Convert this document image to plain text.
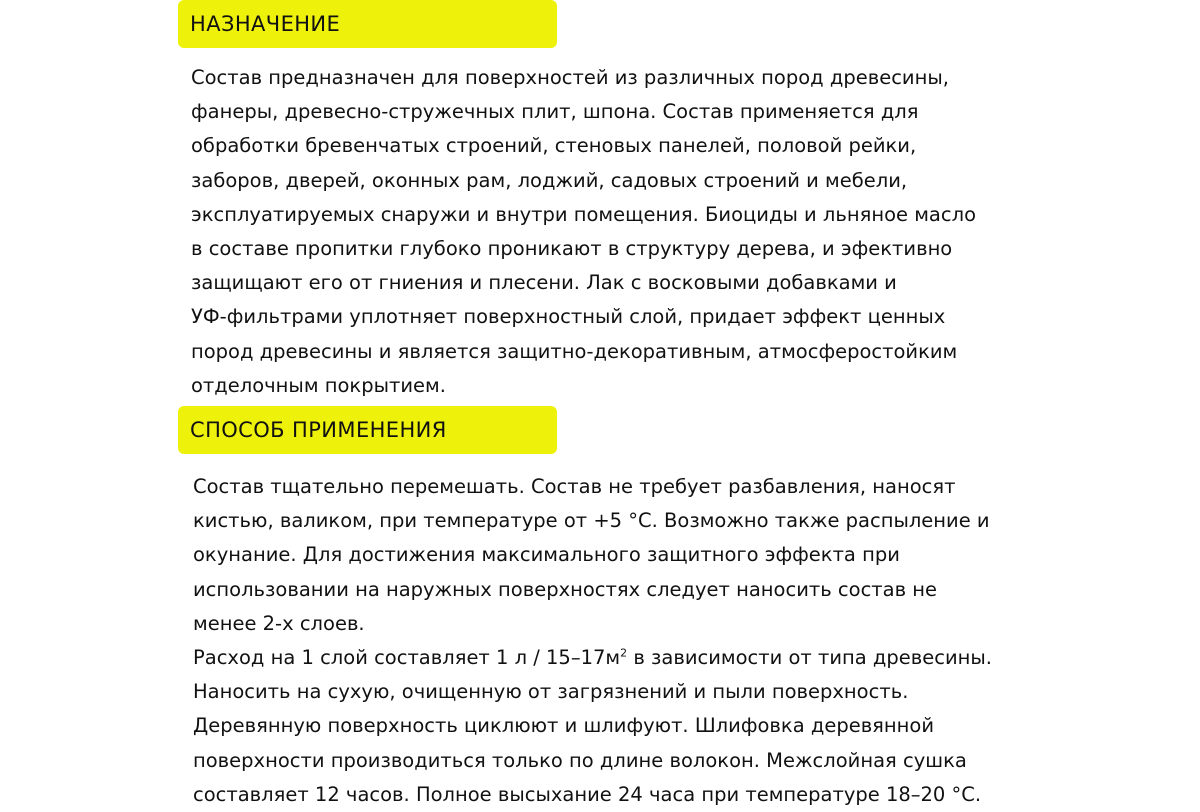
НАЗНАЧЕНИЕ

Состав предназначен для поверхностей из различных пород древесины,

фанеры, древесно-стружечных плит, шпона. Состав применяется для

обработки бревенчатых строений, стеновых панелей, половой рейки,

заборов, дверей, оконных рам, лоджий, садовых строений и мебели,

эксплуатируемых снаружи и внутри помещения. Биоциды и льняное масло

в составе пропитки глубоко проникают в структуру дерева, и эфективно

защищают его от гниения и плесени. Лак с восковыми добавками и

УФ-фильтрами уплотняет поверхностный слой, придает эффект ценных

пород древесины и является защитно-декоративным, атмосферостойким

отделочным покрытием.

СПОСОБ ПРИМЕНЕНИЯ

Состав тщательно перемешать. Состав не требует разбавления, наносят

кистью, валиком, при температуре от +5 °С. Возможно также распыление и

окунание. Для достижения максимального защитного эффекта при

использовании на наружных поверхностях следует наносить состав не

менее 2-х слоев.

Расход на 1 слой составляет 1 л / $15-17м^2$ в зависимости от типа древесины.

Наносить на сухую, очищенную от загрязнений и пыли поверхность.

Деревянную поверхность циклюют и шлифуют. Шлифовка деревянной

поверхности производиться только по длине волокон. Межслойная сушка

составляет 12 часов. Полное высыхание 24 часа при температуре 18–20 °С.
